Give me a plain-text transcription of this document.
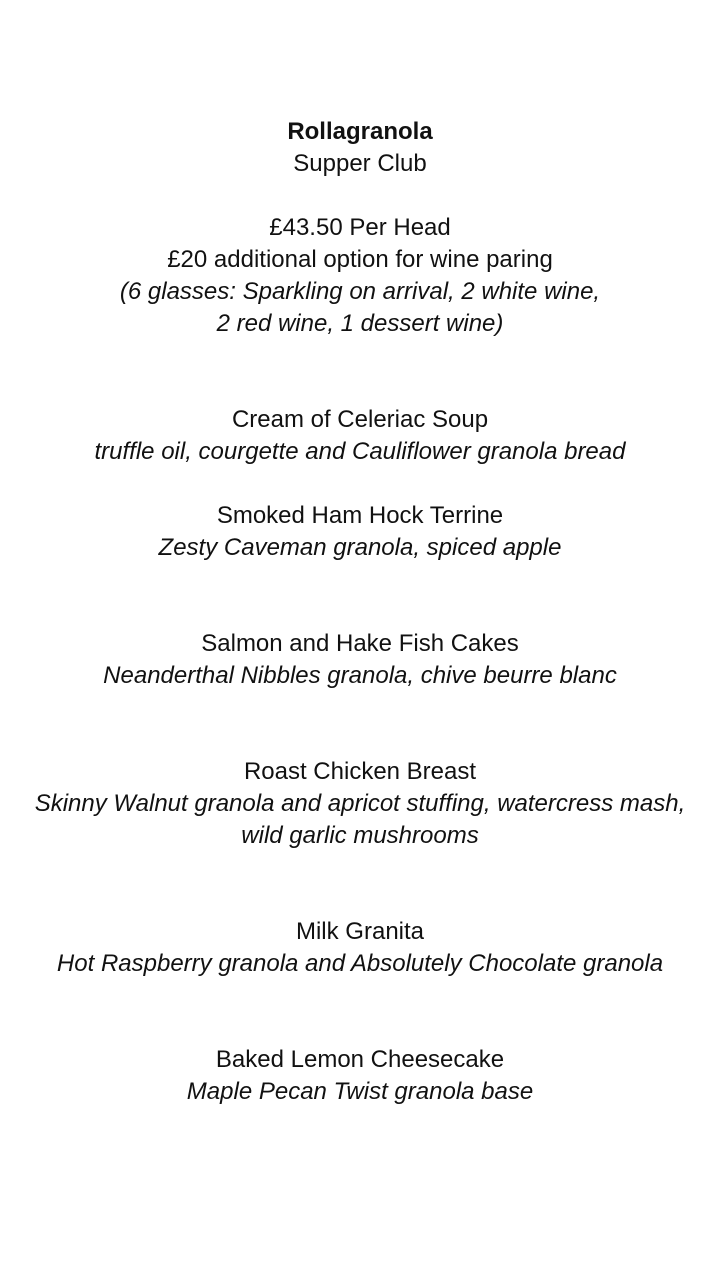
Rollagranola
Supper Club
£43.50 Per Head
£20 additional option for wine paring
(6 glasses: Sparkling on arrival, 2 white wine,
2 red wine, 1 dessert wine)
Cream of Celeriac Soup
truffle oil, courgette and Cauliflower granola bread
Smoked Ham Hock Terrine
Zesty Caveman granola, spiced apple
Salmon and Hake Fish Cakes
Neanderthal Nibbles granola, chive beurre blanc
Roast Chicken Breast
Skinny Walnut granola and apricot stuffing, watercress mash,
wild garlic mushrooms
Milk Granita
Hot Raspberry granola and Absolutely Chocolate granola
Baked Lemon Cheesecake
Maple Pecan Twist granola base
